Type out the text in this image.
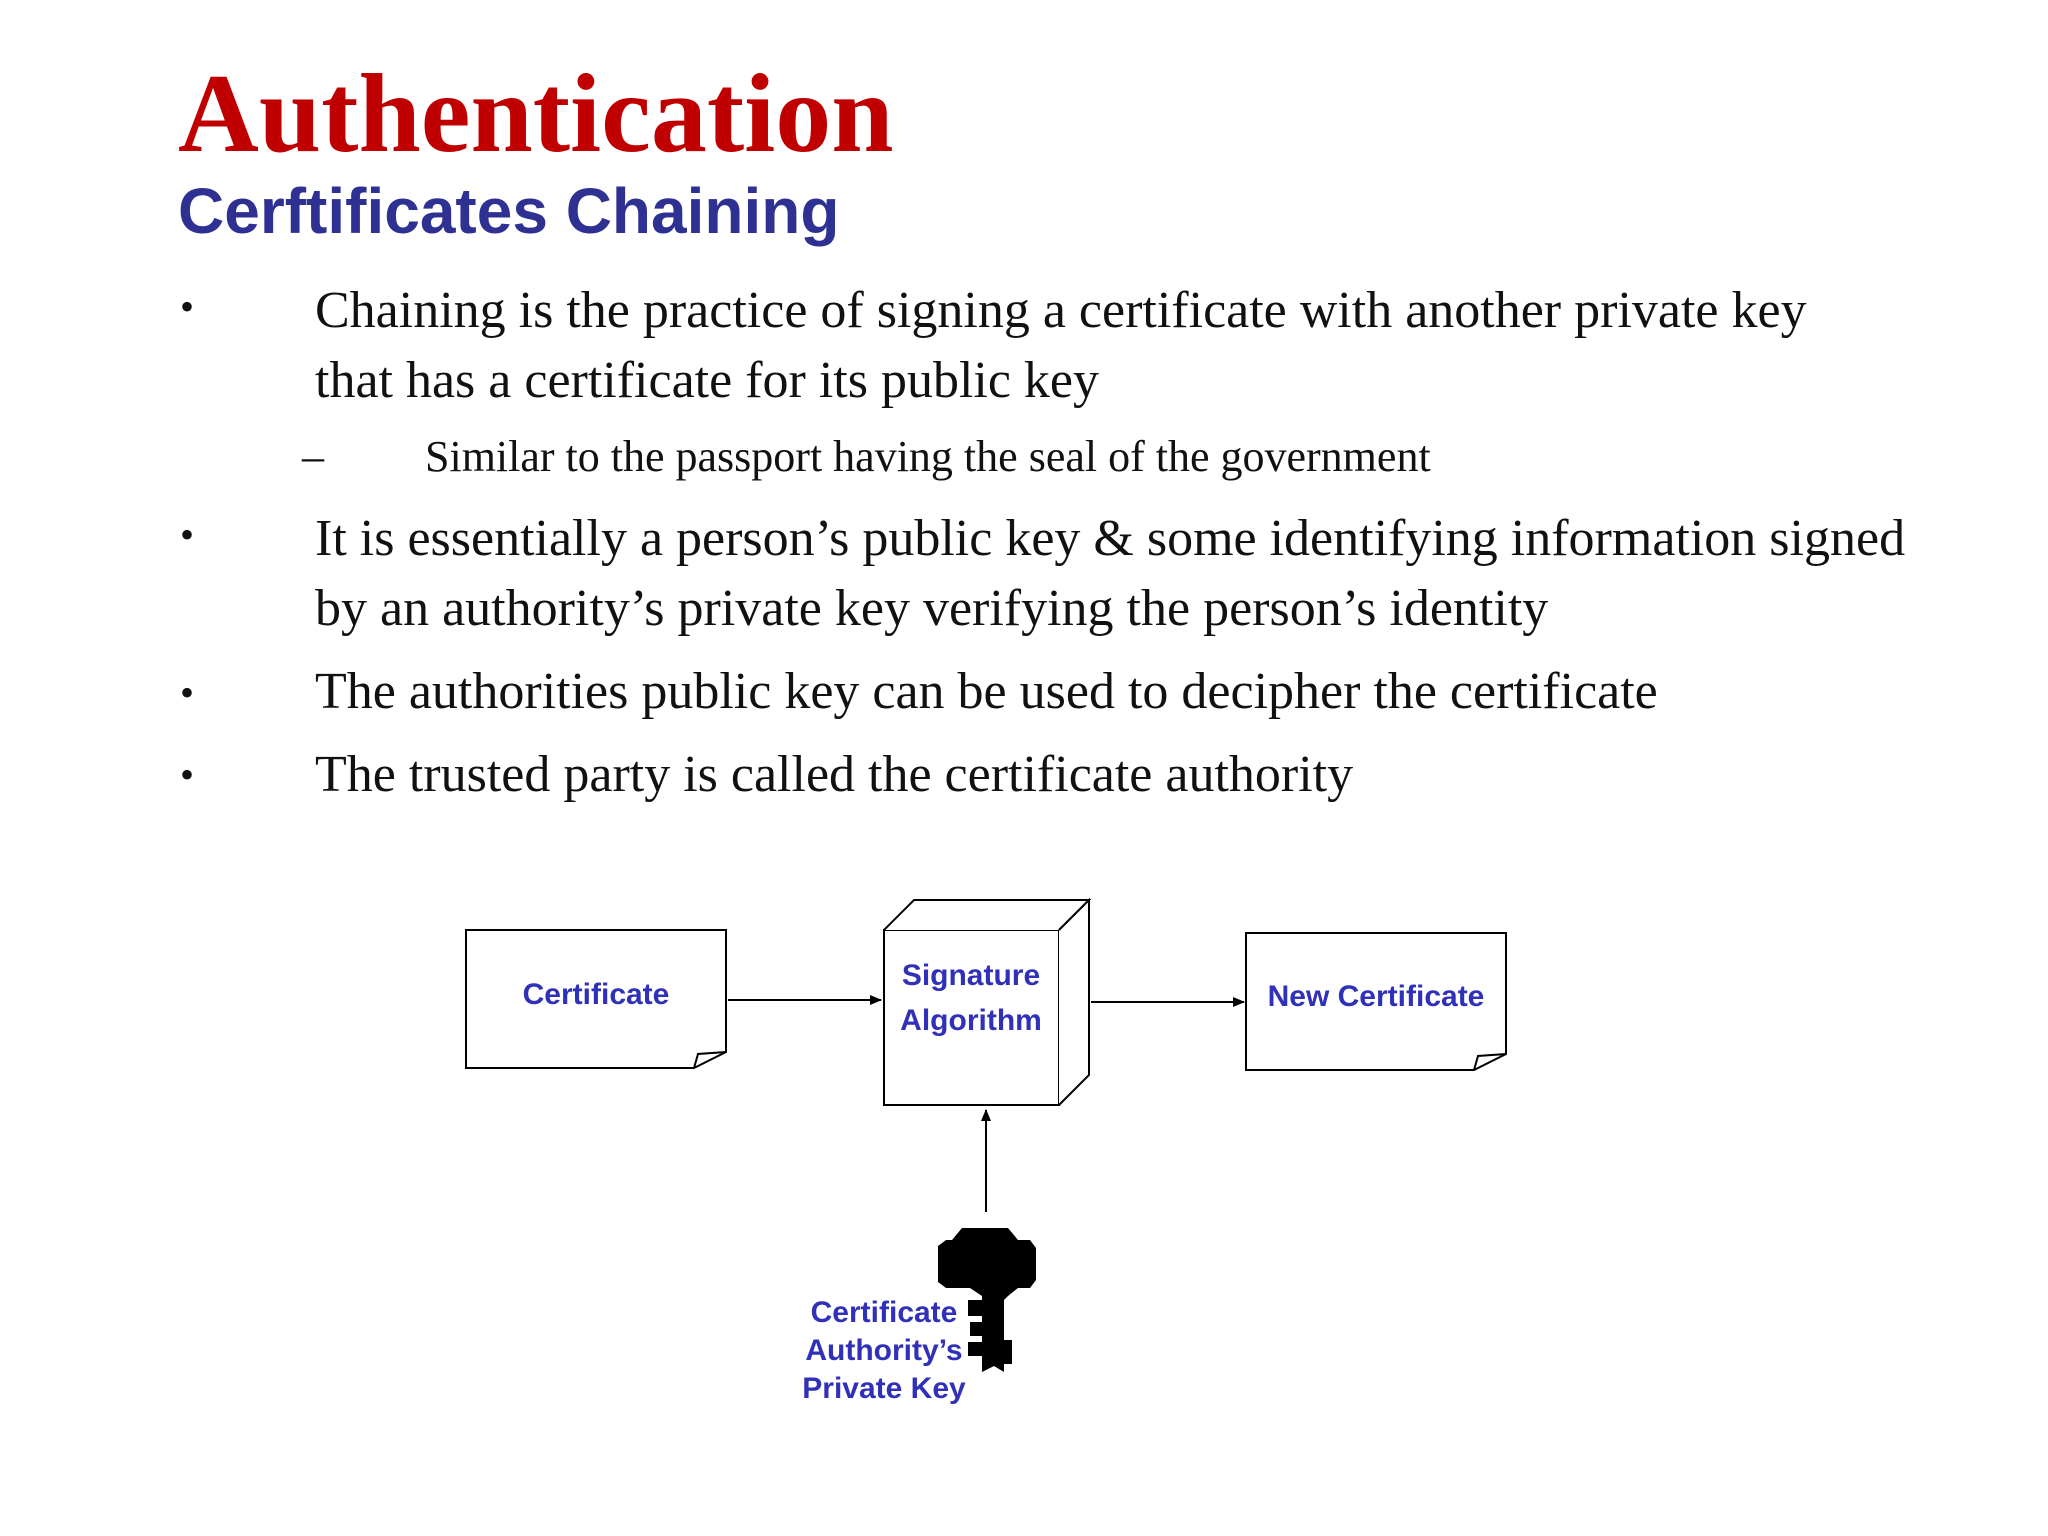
Authentication
Cerftificates Chaining
• Chaining is the practice of signing a certificate with another private key
that has a certificate for its public key
– Similar to the passport having the seal of the government
• It is essentially a person’s public key & some identifying information signed
by an authority’s private key verifying the person’s identity
• The authorities public key can be used to decipher the certificate
• The trusted party is called the certificate authority
Certificate
Signature
Algorithm
New Certificate
Certificate
Authority’s
Private Key
